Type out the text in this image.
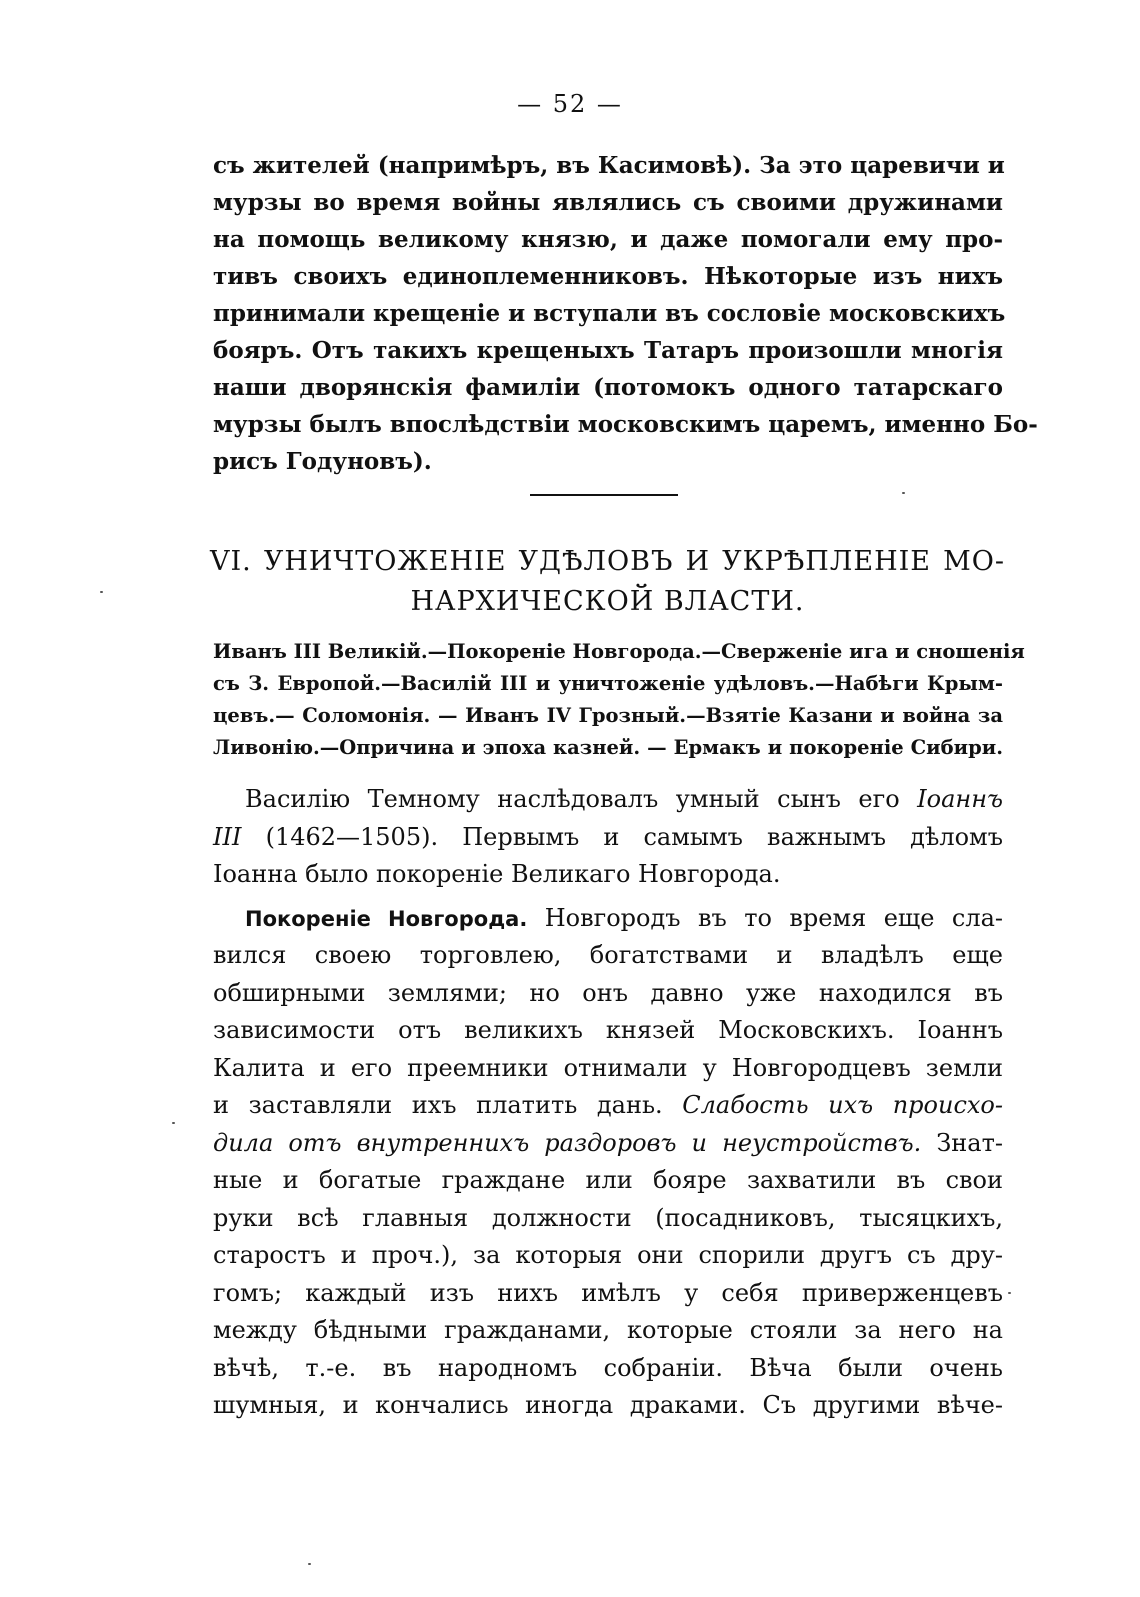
— 52 —
съ жителей (напримѣръ, въ Касимовѣ). За это царевичи и
мурзы во время войны являлись съ своими дружинами
на помощь великому князю, и даже помогали ему про-
тивъ своихъ единоплеменниковъ. Нѣкоторые изъ нихъ
принимали крещеніе и вступали въ сословіе московскихъ
бояръ. Отъ такихъ крещеныхъ Татаръ произошли многія
наши дворянскія фамиліи (потомокъ одного татарскаго
мурзы былъ впослѣдствіи московскимъ царемъ, именно Бо-
рисъ Годуновъ).
VI. УНИЧТОЖЕНІЕ УДѢЛОВЪ И УКРѢПЛЕНІЕ МО-
НАРХИЧЕСКОЙ ВЛАСТИ.
Иванъ III Великій.—Покореніе Новгорода.—Сверженіе ига и сношенія
съ З. Европой.—Василій III и уничтоженіе удѣловъ.—Набѣги Крым-
цевъ.— Соломонія. — Иванъ IV Грозный.—Взятіе Казани и война за
Ливонію.—Опричина и эпоха казней. — Ермакъ и покореніе Сибири.
Василію Темному наслѣдовалъ умный сынъ его Іоаннъ
III (1462—1505). Первымъ и самымъ важнымъ дѣломъ
Іоанна было покореніе Великаго Новгорода.
Покореніе Новгорода. Новгородъ въ то время еще сла-
вился своею торговлею, богатствами и владѣлъ еще
обширными землями; но онъ давно уже находился въ
зависимости отъ великихъ князей Московскихъ. Іоаннъ
Калита и его преемники отнимали у Новгородцевъ земли
и заставляли ихъ платить дань. Слабость ихъ происхо-
дила отъ внутреннихъ раздоровъ и неустройствъ. Знат-
ные и богатые граждане или бояре захватили въ свои
руки всѣ главныя должности (посадниковъ, тысяцкихъ,
старостъ и проч.), за которыя они спорили другъ съ дру-
гомъ; каждый изъ нихъ имѣлъ у себя приверженцевъ
между бѣдными гражданами, которые стояли за него на
вѣчѣ, т.-е. въ народномъ собраніи. Вѣча были очень
шумныя, и кончались иногда драками. Съ другими вѣче-
